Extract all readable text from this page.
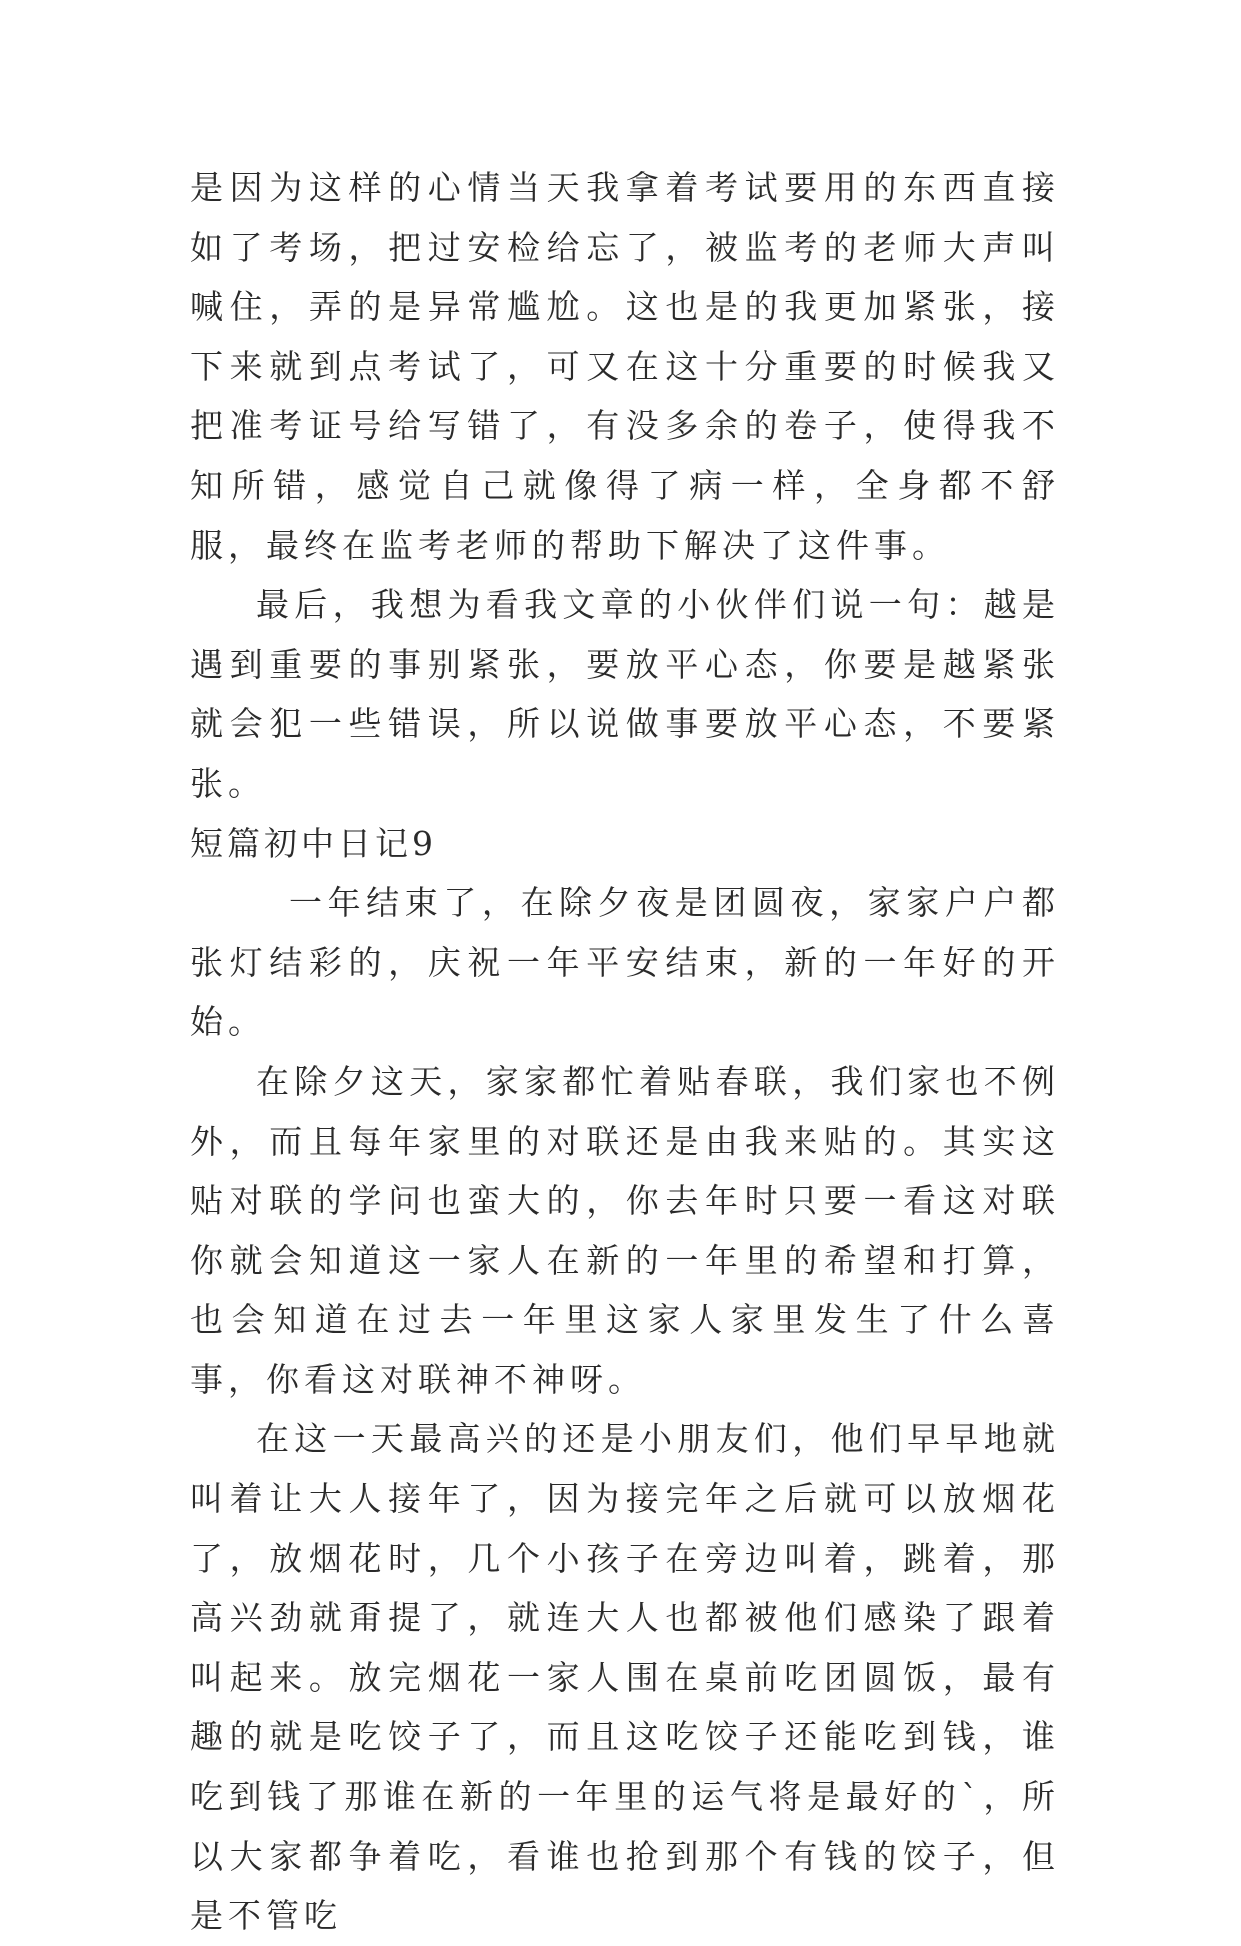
是因为这样的心情当天我拿着考试要用的东西直接如了考场，把过安检给忘了，被监考的老师大声叫喊住，弄的是异常尴尬。这也是的我更加紧张，接下来就到点考试了，可又在这十分重要的时候我又把准考证号给写错了，有没多余的卷子，使得我不知所错，感觉自己就像得了病一样，全身都不舒服，最终在监考老师的帮助下解决了这件事。

最后，我想为看我文章的小伙伴们说一句：越是遇到重要的事别紧张，要放平心态，你要是越紧张就会犯一些错误，所以说做事要放平心态，不要紧张。

短篇初中日记9

一年结束了，在除夕夜是团圆夜，家家户户都张灯结彩的，庆祝一年平安结束，新的一年好的开始。

在除夕这天，家家都忙着贴春联，我们家也不例外，而且每年家里的对联还是由我来贴的。其实这贴对联的学问也蛮大的，你去年时只要一看这对联你就会知道这一家人在新的一年里的希望和打算，也会知道在过去一年里这家人家里发生了什么喜事，你看这对联神不神呀。

在这一天最高兴的还是小朋友们，他们早早地就叫着让大人接年了，因为接完年之后就可以放烟花了，放烟花时，几个小孩子在旁边叫着，跳着，那高兴劲就甭提了，就连大人也都被他们感染了跟着叫起来。放完烟花一家人围在桌前吃团圆饭，最有趣的就是吃饺子了，而且这吃饺子还能吃到钱，谁吃到钱了那谁在新的一年里的运气将是最好的`，所以大家都争着吃，看谁也抢到那个有钱的饺子，但是不管吃
